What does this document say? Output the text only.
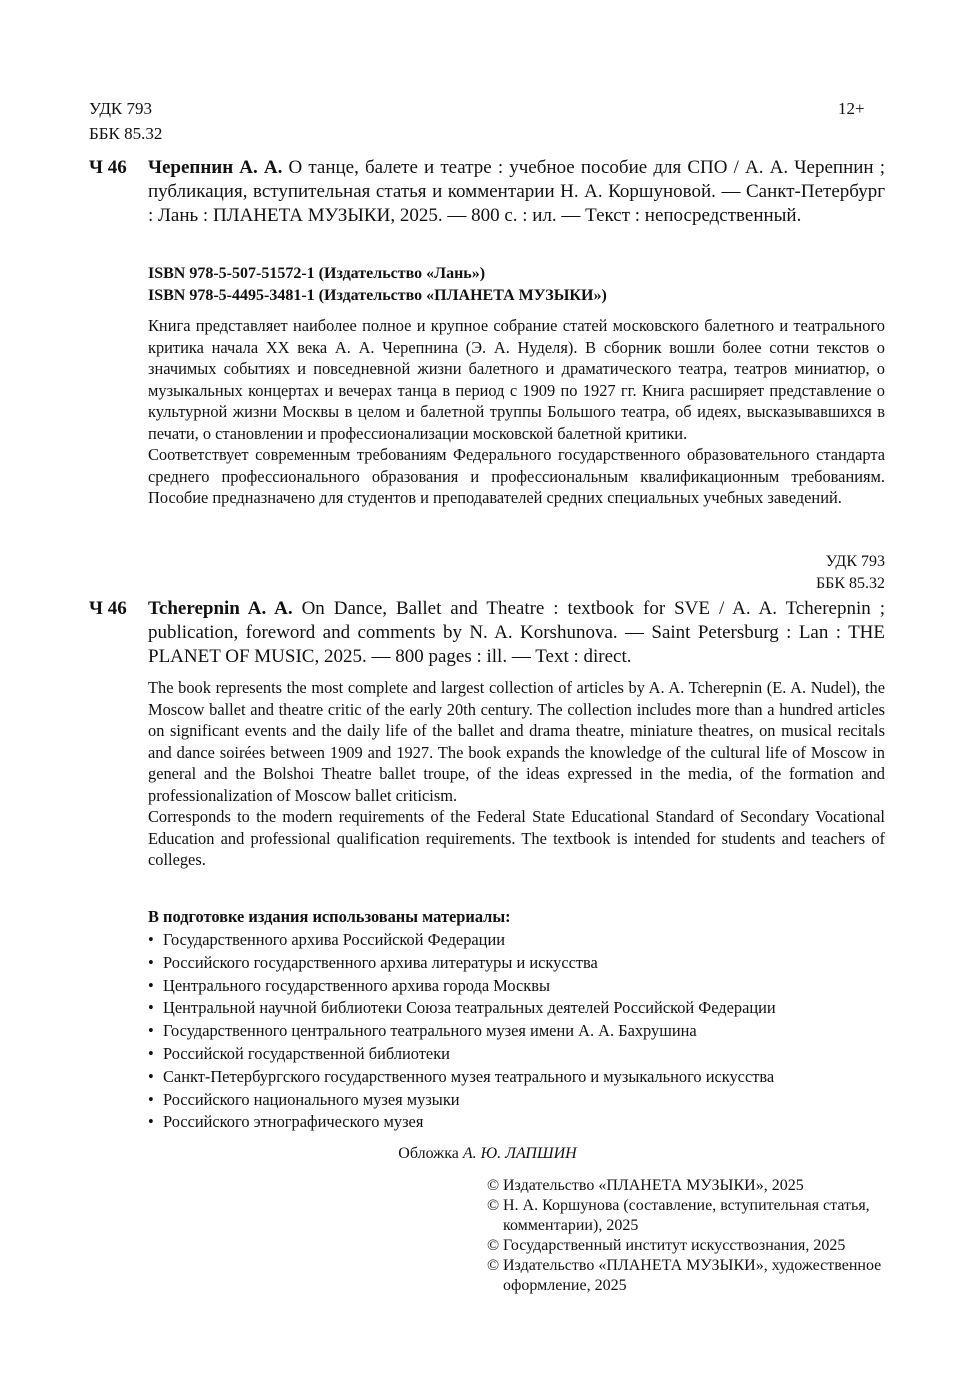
УДК 793
ББК 85.32
12+
Ч 46 Черепнин А. А. О танце, балете и театре : учебное пособие для СПО / А. А. Черепнин ; публикация, вступительная статья и комментарии Н. А. Коршуновой. — Санкт-Петербург : Лань : ПЛАНЕТА МУЗЫКИ, 2025. — 800 с. : ил. — Текст : непосредственный.
ISBN 978-5-507-51572-1 (Издательство «Лань»)
ISBN 978-5-4495-3481-1 (Издательство «ПЛАНЕТА МУЗЫКИ»)

Книга представляет наиболее полное и крупное собрание статей московского балетного и театрального критика начала XX века А. А. Черепнина (Э. А. Нуделя). В сборник вошли более сотни текстов о значимых событиях и повседневной жизни балетного и драматического театра, театров миниатюр, о музыкальных концертах и вечерах танца в период с 1909 по 1927 гг. Книга расширяет представление о культурной жизни Москвы в целом и балетной труппы Большого театра, об идеях, высказывавшихся в печати, о становлении и профессионализации московской балетной критики.

Соответствует современным требованиям Федерального государственного образовательного стандарта среднего профессионального образования и профессиональным квалификационным требованиям. Пособие предназначено для студентов и преподавателей средних специальных учебных заведений.

УДК 793
ББК 85.32
Ч 46 Tcherepnin A. A. On Dance, Ballet and Theatre : textbook for SVE / A. A. Tcherepnin ; publication, foreword and comments by N. A. Korshunova. — Saint Petersburg : Lan : THE PLANET OF MUSIC, 2025. — 800 pages : ill. — Text : direct.

The book represents the most complete and largest collection of articles by A. A. Tcherepnin (E. A. Nudel), the Moscow ballet and theatre critic of the early 20th century. The collection includes more than a hundred articles on significant events and the daily life of the ballet and drama theatre, miniature theatres, on musical recitals and dance soirées between 1909 and 1927. The book expands the knowledge of the cultural life of Moscow in general and the Bolshoi Theatre ballet troupe, of the ideas expressed in the media, of the formation and professionalization of Moscow ballet criticism.

Corresponds to the modern requirements of the Federal State Educational Standard of Secondary Vocational Education and professional qualification requirements. The textbook is intended for students and teachers of colleges.

В подготовке издания использованы материалы:
• Государственного архива Российской Федерации
• Российского государственного архива литературы и искусства
• Центрального государственного архива города Москвы
• Центральной научной библиотеки Союза театральных деятелей Российской Федерации
• Государственного центрального театрального музея имени А. А. Бахрушина
• Российской государственной библиотеки
• Санкт-Петербургского государственного музея театрального и музыкального искусства
• Российского национального музея музыки
• Российского этнографического музея
Обложка А. Ю. ЛАПШИН
© Издательство «ПЛАНЕТА МУЗЫКИ», 2025
© Н. А. Коршунова (составление, вступительная статья, комментарии), 2025
© Государственный институт искусствознания, 2025
© Издательство «ПЛАНЕТА МУЗЫКИ», художественное оформление, 2025
